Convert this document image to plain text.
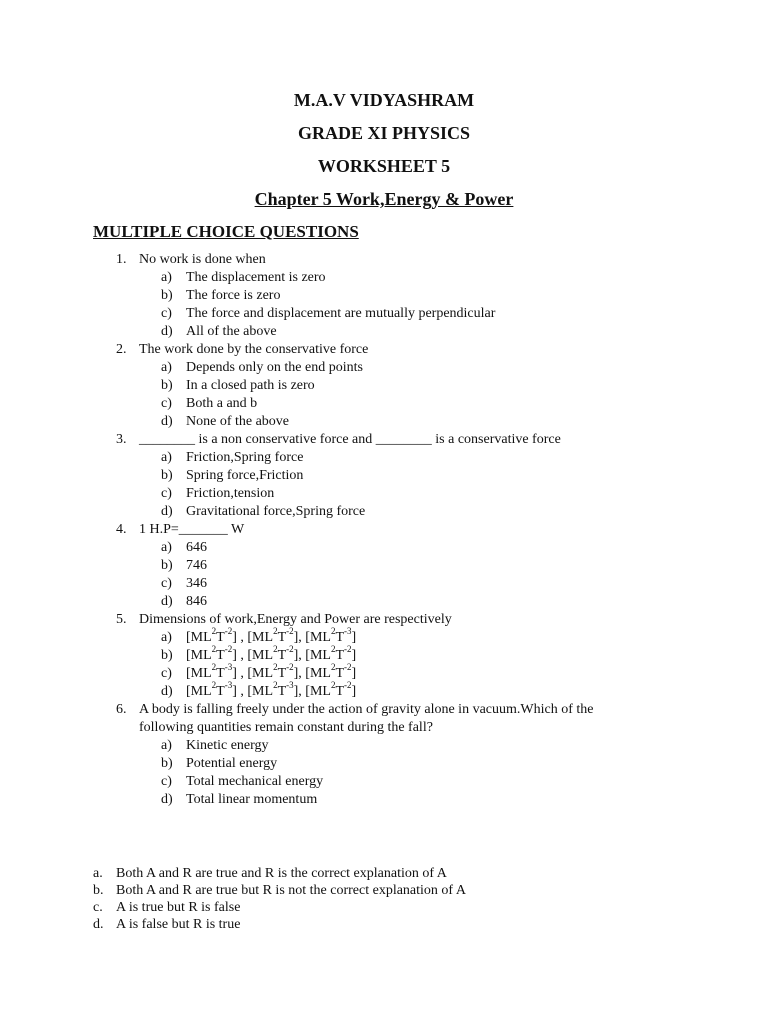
M.A.V VIDYASHRAM
GRADE XI PHYSICS
WORKSHEET 5
Chapter 5 Work,Energy & Power
MULTIPLE CHOICE QUESTIONS
1. No work is done when
a) The displacement is zero
b) The force is zero
c) The force and displacement are mutually perpendicular
d) All of the above
2. The work done by the conservative force
a) Depends only on the end points
b) In a closed path is zero
c) Both a and b
d) None of the above
3. ________ is a non conservative force and ________ is a conservative force
a) Friction,Spring force
b) Spring force,Friction
c) Friction,tension
d) Gravitational force,Spring force
4. 1 H.P=_______ W
a) 646
b) 746
c) 346
d) 846
5. Dimensions of work,Energy and Power are respectively
a) $[ML^2T^{-2}]$ , $[ML^2T^{-2}]$, $[ML^2T^{-3}]$
b) $[ML^2T^{-2}]$ , $[ML^2T^{-2}]$, $[ML^2T^{-2}]$
c) $[ML^2T^{-3}]$ , $[ML^2T^{-2}]$, $[ML^2T^{-2}]$
d) $[ML^2T^{-3}]$ , $[ML^2T^{-3}]$, $[ML^2T^{-2}]$
6. A body is falling freely under the action of gravity alone in vacuum.Which of the
following quantities remain constant during the fall?
a) Kinetic energy
b) Potential energy
c) Total mechanical energy
d) Total linear momentum
a. Both A and R are true and R is the correct explanation of A
b. Both A and R are true but R is not the correct explanation of A
c. A is true but R is false
d. A is false but R is true
